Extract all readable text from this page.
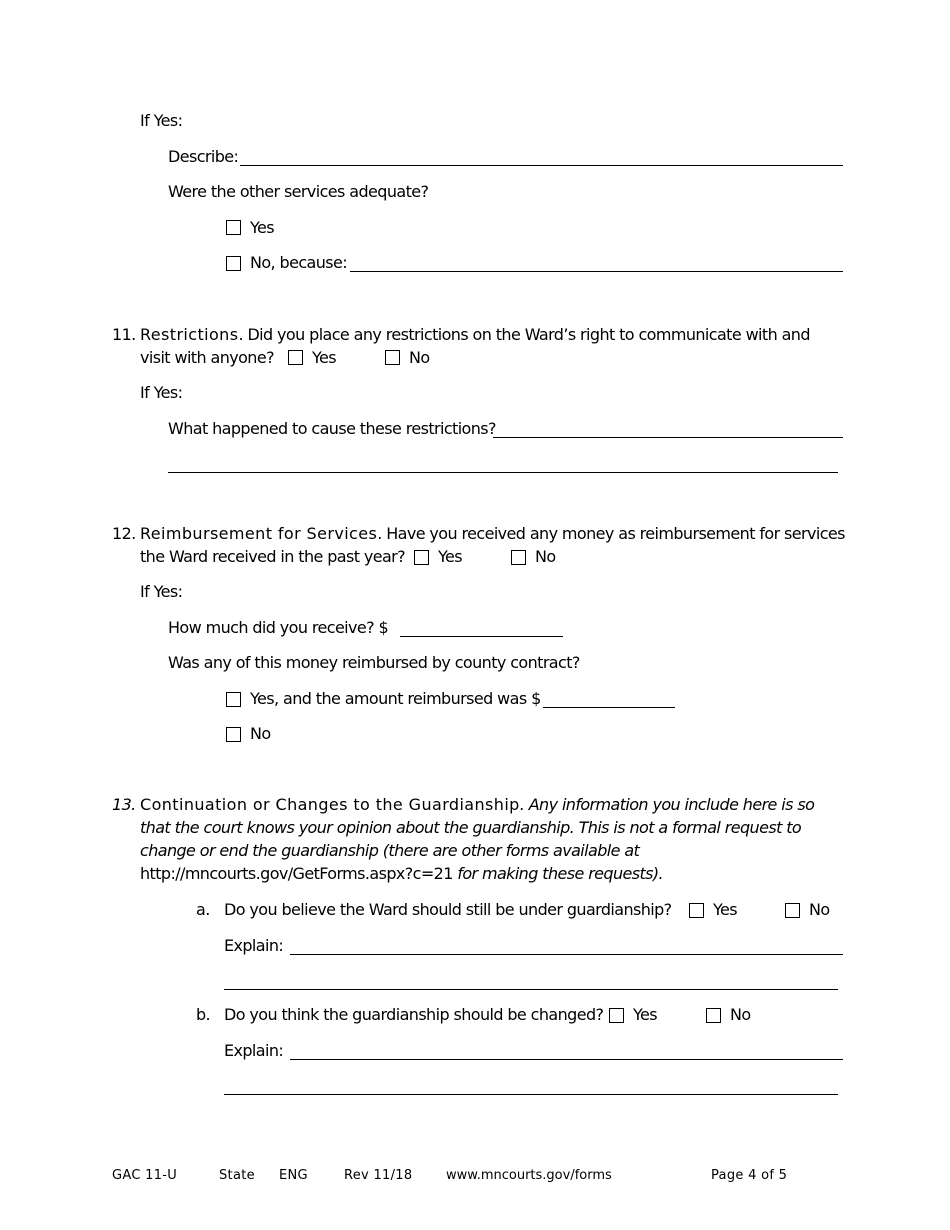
If Yes:
Describe:
Were the other services adequate?
Yes
No, because:
11. Restrictions. Did you place any restrictions on the Ward’s right to communicate with and
visit with anyone? Yes	No
If Yes:
What happened to cause these restrictions?
12. Reimbursement for Services. Have you received any money as reimbursement for services
the Ward received in the past year? Yes	No
If Yes:
How much did you receive? $
Was any of this money reimbursed by county contract?
Yes, and the amount reimbursed was $
No
13. Continuation or Changes to the Guardianship. Any information you include here is so
that the court knows your opinion about the guardianship. This is not a formal request to
change or end the guardianship (there are other forms available at
http://mncourts.gov/GetForms.aspx?c=21 for making these requests).
a. Do you believe the Ward should still be under guardianship?	Yes	No
Explain:
b. Do you think the guardianship should be changed? Yes	No
Explain:
GAC 11-U	State ENG	Rev 11/18	www.mncourts.gov/forms	Page 4 of 5
